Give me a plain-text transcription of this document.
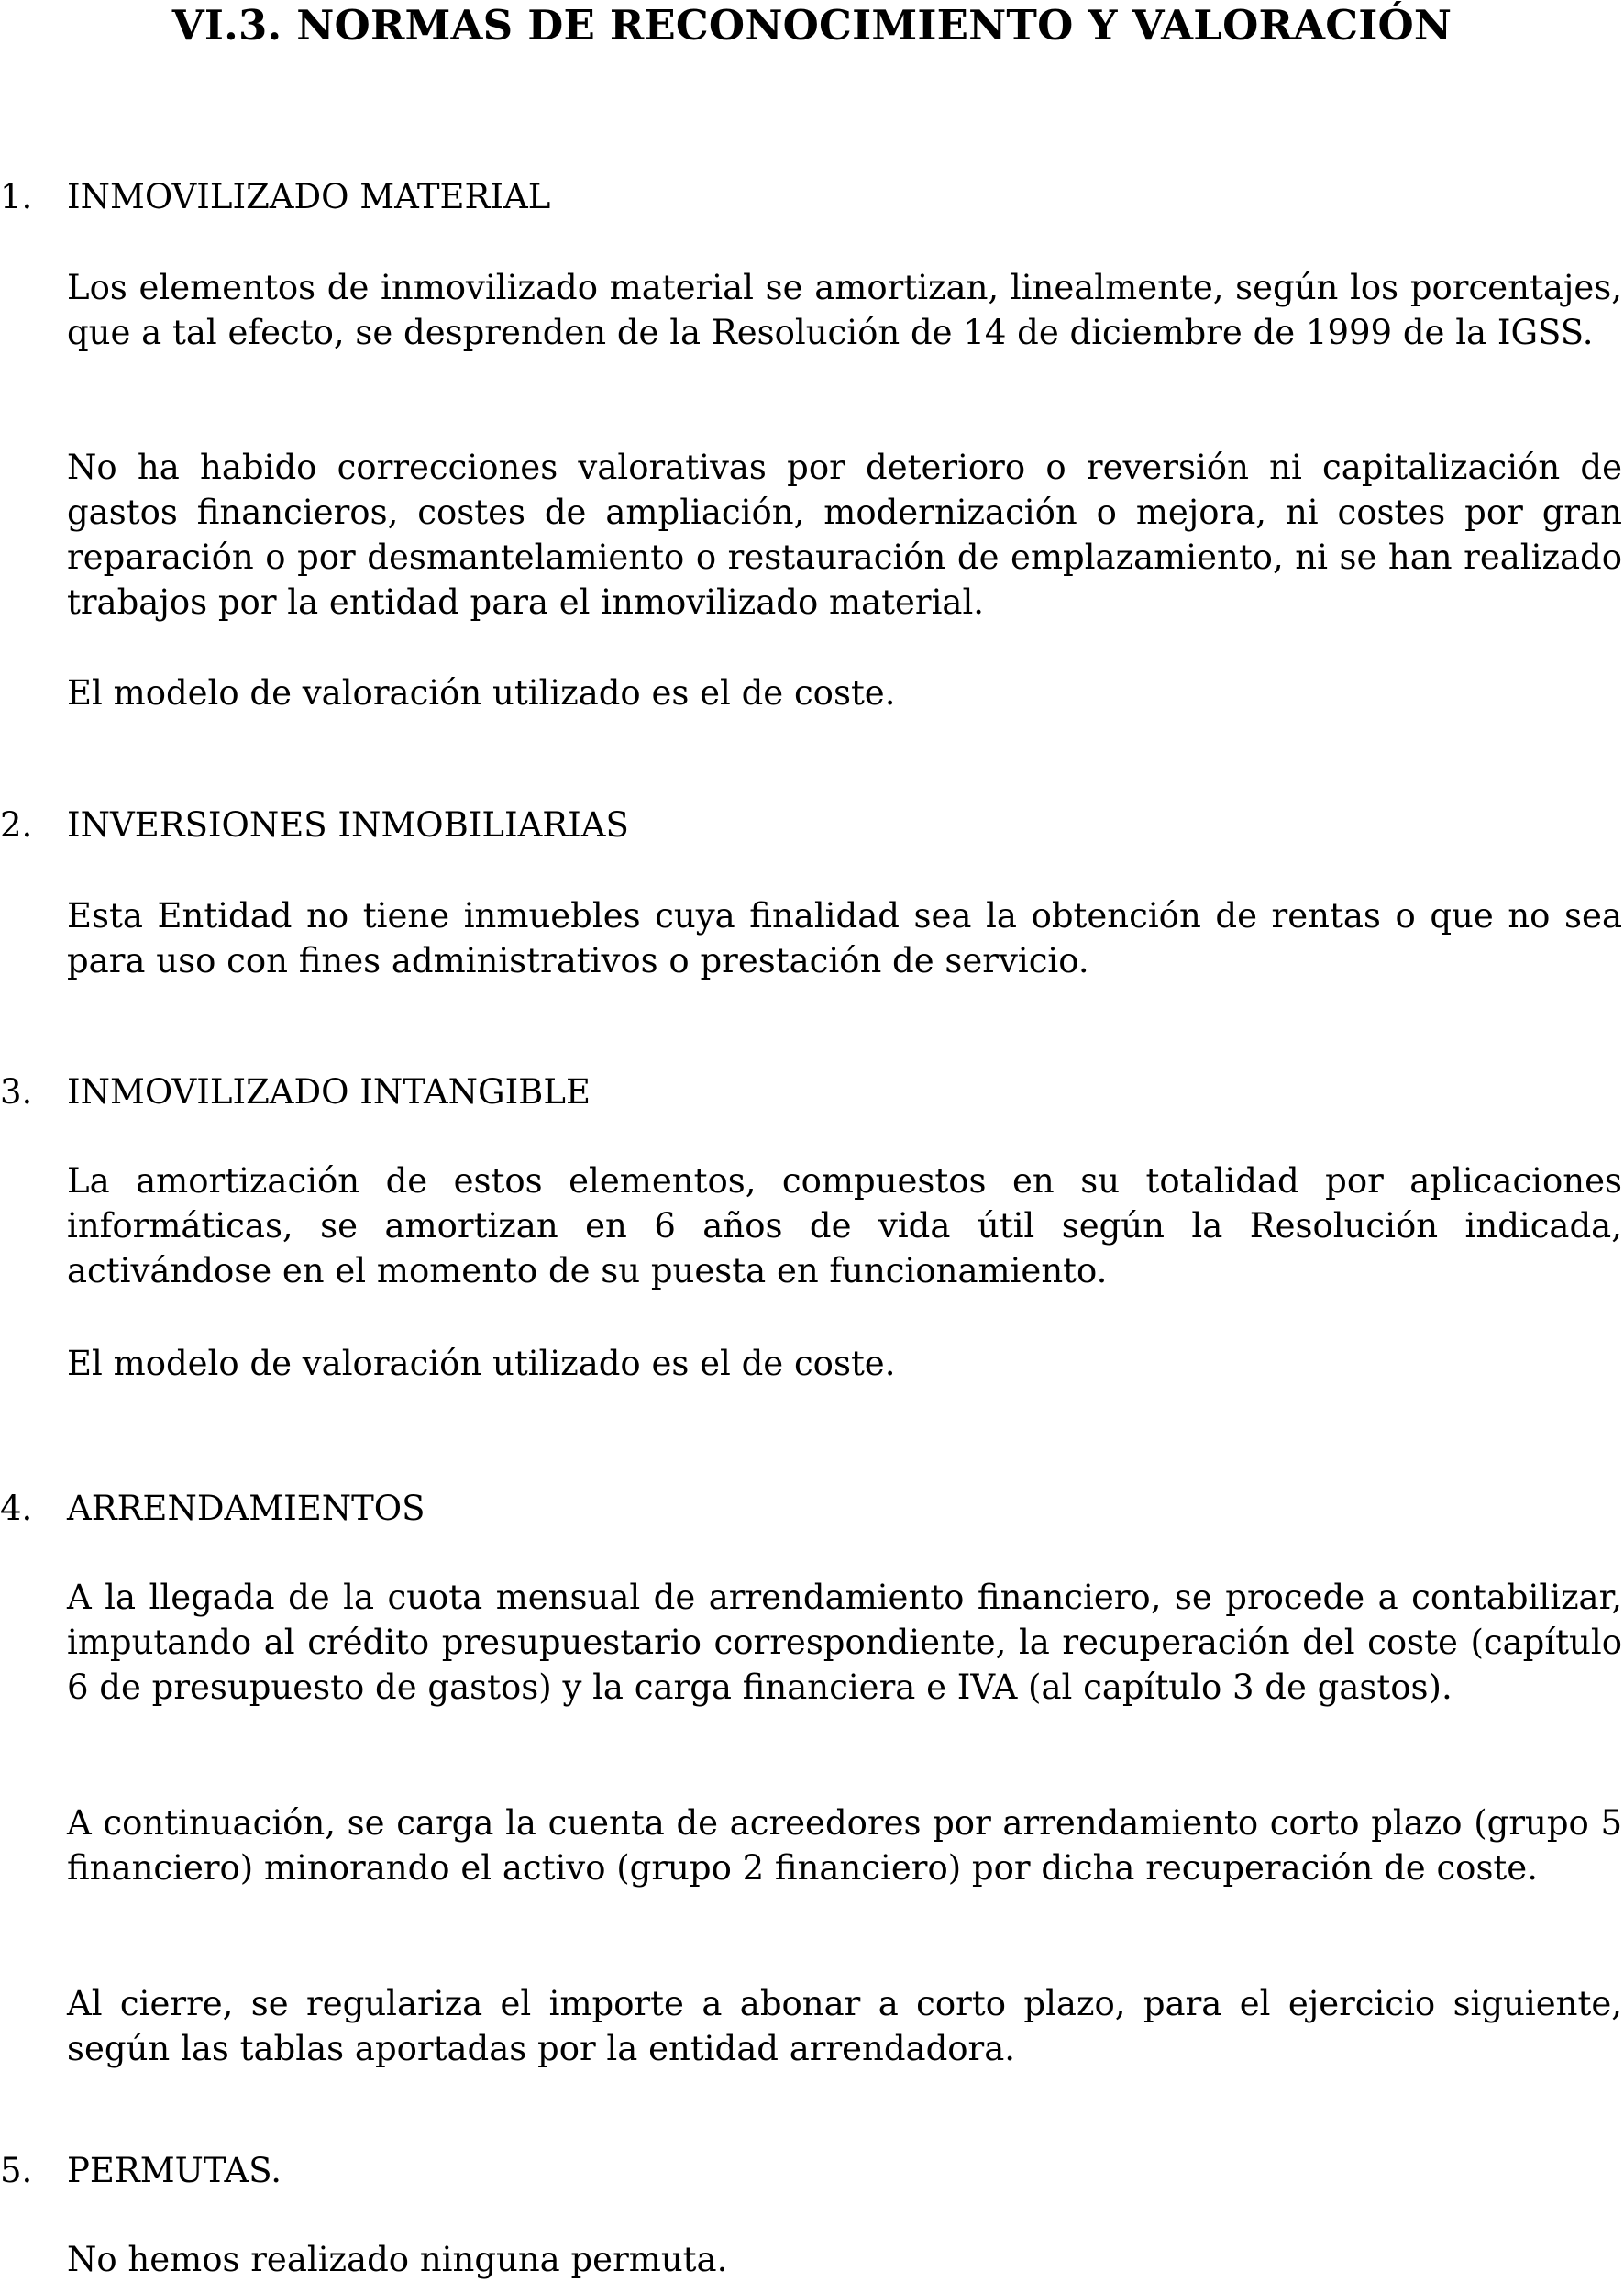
VI.3. NORMAS DE RECONOCIMIENTO Y VALORACIÓN
1. INMOVILIZADO MATERIAL

Los elementos de inmovilizado material se amortizan, linealmente, según los porcentajes, que a tal efecto, se desprenden de la Resolución de 14 de diciembre de 1999 de la IGSS.

No ha habido correcciones valorativas por deterioro o reversión ni capitalización de gastos financieros, costes de ampliación, modernización o mejora, ni costes por gran reparación o por desmantelamiento o restauración de emplazamiento, ni se han realizado trabajos por la entidad para el inmovilizado material.

El modelo de valoración utilizado es el de coste.

2. INVERSIONES INMOBILIARIAS

Esta Entidad no tiene inmuebles cuya finalidad sea la obtención de rentas o que no sea para uso con fines administrativos o prestación de servicio.

3. INMOVILIZADO INTANGIBLE

La amortización de estos elementos, compuestos en su totalidad por aplicaciones informáticas, se amortizan en 6 años de vida útil según la Resolución indicada, activándose en el momento de su puesta en funcionamiento.

El modelo de valoración utilizado es el de coste.

4. ARRENDAMIENTOS

A la llegada de la cuota mensual de arrendamiento financiero, se procede a contabilizar, imputando al crédito presupuestario correspondiente, la recuperación del coste (capítulo 6 de presupuesto de gastos) y la carga financiera e IVA (al capítulo 3 de gastos).

A continuación, se carga la cuenta de acreedores por arrendamiento corto plazo (grupo 5 financiero) minorando el activo (grupo 2 financiero) por dicha recuperación de coste.

Al cierre, se regulariza el importe a abonar a corto plazo, para el ejercicio siguiente, según las tablas aportadas por la entidad arrendadora.

5. PERMUTAS.

No hemos realizado ninguna permuta.
